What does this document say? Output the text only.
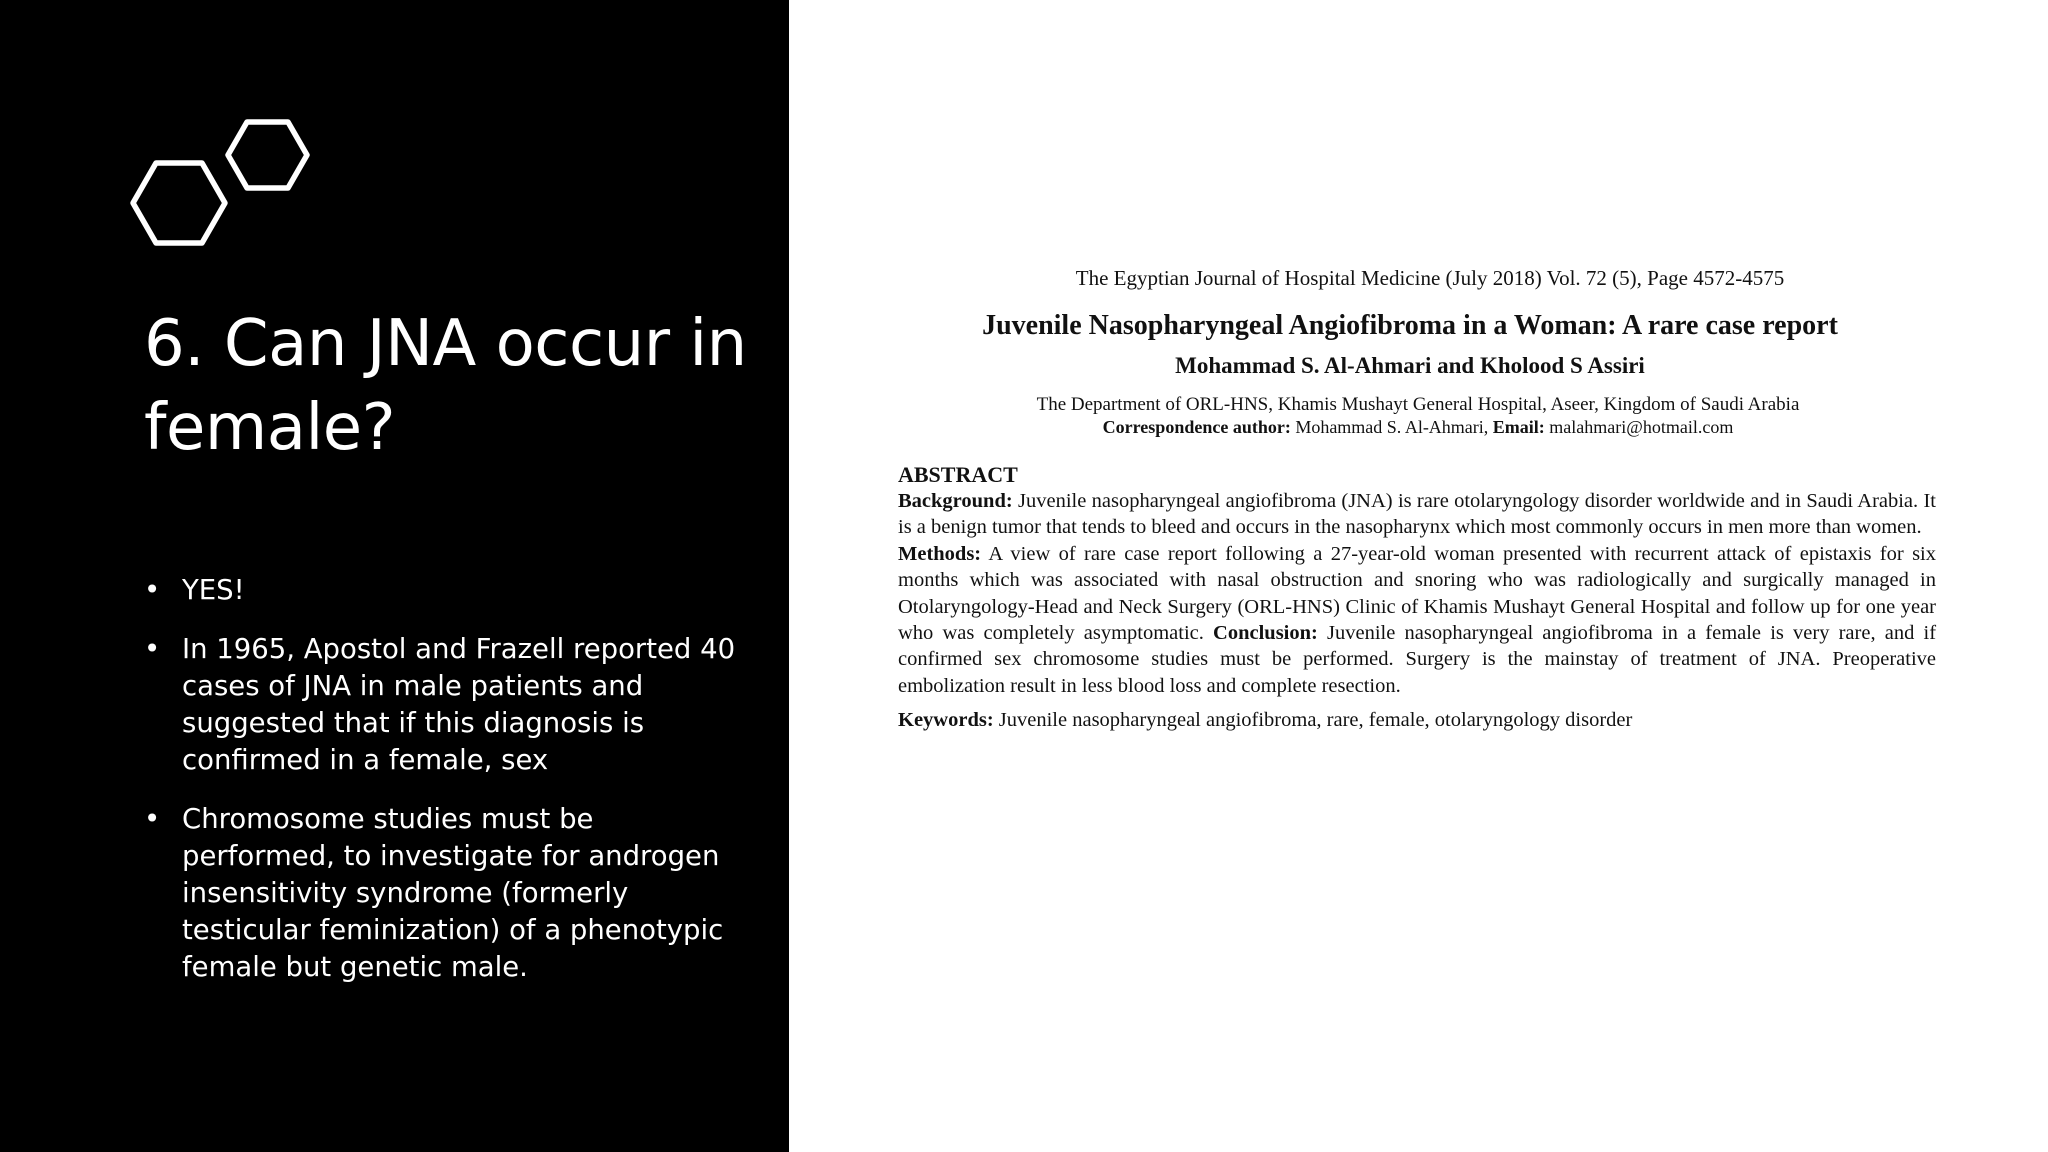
6. Can JNA occur in female?
• YES!
• In 1965, Apostol and Frazell reported 40 cases of JNA in male patients and suggested that if this diagnosis is confirmed in a female, sex
• Chromosome studies must be performed, to investigate for androgen insensitivity syndrome (formerly testicular feminization) of a phenotypic female but genetic male.

The Egyptian Journal of Hospital Medicine (July 2018) Vol. 72 (5), Page 4572-4575

Juvenile Nasopharyngeal Angiofibroma in a Woman: A rare case report

Mohammad S. Al-Ahmari and Kholood S Assiri

The Department of ORL-HNS, Khamis Mushayt General Hospital, Aseer, Kingdom of Saudi Arabia

Correspondence author: Mohammad S. Al-Ahmari, Email: malahmari@hotmail.com

ABSTRACT

Background: Juvenile nasopharyngeal angiofibroma (JNA) is rare otolaryngology disorder worldwide and in Saudi Arabia. It is a benign tumor that tends to bleed and occurs in the nasopharynx which most commonly occurs in men more than women.

Methods: A view of rare case report following a 27-year-old woman presented with recurrent attack of epistaxis for six months which was associated with nasal obstruction and snoring who was radiologically and surgically managed in Otolaryngology-Head and Neck Surgery (ORL-HNS) Clinic of Khamis Mushayt General Hospital and follow up for one year who was completely asymptomatic. Conclusion: Juvenile nasopharyngeal angiofibroma in a female is very rare, and if confirmed sex chromosome studies must be performed. Surgery is the mainstay of treatment of JNA. Preoperative embolization result in less blood loss and complete resection.

Keywords: Juvenile nasopharyngeal angiofibroma, rare, female, otolaryngology disorder
